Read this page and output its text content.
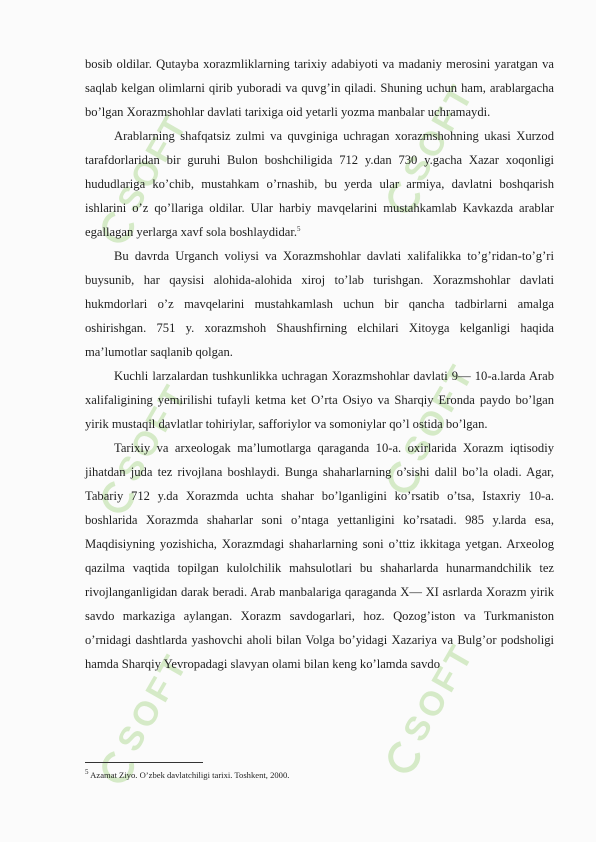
SOFT	SOFT
SOFT	SOFT
SOFT	SOFT

bosib oldilar. Qutayba xorazmliklarning tarixiy adabiyoti va madaniy merosini yaratgan va saqlab kelgan olimlarni qirib yuboradi va quvg’in qiladi. Shuning uchun ham, arablargacha bo’lgan Xorazmshohlar davlati tarixiga oid yetarli yozma manbalar uchramaydi.

Arablarning shafqatsiz zulmi va quvginiga uchragan xorazmshohning ukasi Xurzod tarafdorlaridan bir guruhi Bulon boshchiligida 712 y.dan 730 y.gacha Xazar xoqonligi hududlariga ko’chib, mustahkam o’rnashib, bu yerda ular armiya, davlatni boshqarish ishlarini o’z qo’llariga oldilar. Ular harbiy mavqelarini mustahkamlab Kavkazda arablar egallagan yerlarga xavf sola boshlaydidar.$^5$

Bu davrda Urganch voliysi va Xorazmshohlar davlati xalifalikka to’g’ridan-to’g’ri buysunib, har qaysisi alohida-alohida xiroj to’lab turishgan. Xorazmshohlar davlati hukmdorlari o’z mavqelarini mustahkamlash uchun bir qancha tadbirlarni amalga oshirishgan. 751 y. xorazmshoh Shaushfirning elchilari Xitoyga kelganligi haqida ma’lumotlar saqlanib qolgan.

Kuchli larzalardan tushkunlikka uchragan Xorazmshohlar davlati 9— 10-a.larda Arab xalifaligining yemirilishi tufayli ketma ket O’rta Osiyo va Sharqiy Eronda paydo bo’lgan yirik mustaqil davlatlar tohiriylar, safforiylor va somoniylar qo’l ostida bo’lgan.

Tarixiy va arxeologak ma’lumotlarga qaraganda 10-a. oxirlarida Xorazm iqtisodiy jihatdan juda tez rivojlana boshlaydi. Bunga shaharlarning o’sishi dalil bo’la oladi. Agar, Tabariy 712 y.da Xorazmda uchta shahar bo’lganligini ko’rsatib o’tsa, Istaxriy 10-a. boshlarida Xorazmda shaharlar soni o’ntaga yettanligini ko’rsatadi. 985 y.larda esa, Maqdisiyning yozishicha, Xorazmdagi shaharlarning soni o’ttiz ikkitaga yetgan. Arxeolog qazilma vaqtida topilgan kulolchilik mahsulotlari bu shaharlarda hunarmandchilik tez rivojlanganligidan darak beradi. Arab manbalariga qaraganda X— XI asrlarda Xorazm yirik savdo markaziga aylangan. Xorazm savdogarlari, hoz. Qozog’iston va Turkmaniston o’rnidagi dashtlarda yashovchi aholi bilan Volga bo’yidagi Xazariya va Bulg’or podsholigi hamda Sharqiy Yevropadagi slavyan olami bilan keng ko’lamda savdo

$^5$ Azamat Ziyo. O’zbek davlatchiligi tarixi. Toshkent, 2000.
